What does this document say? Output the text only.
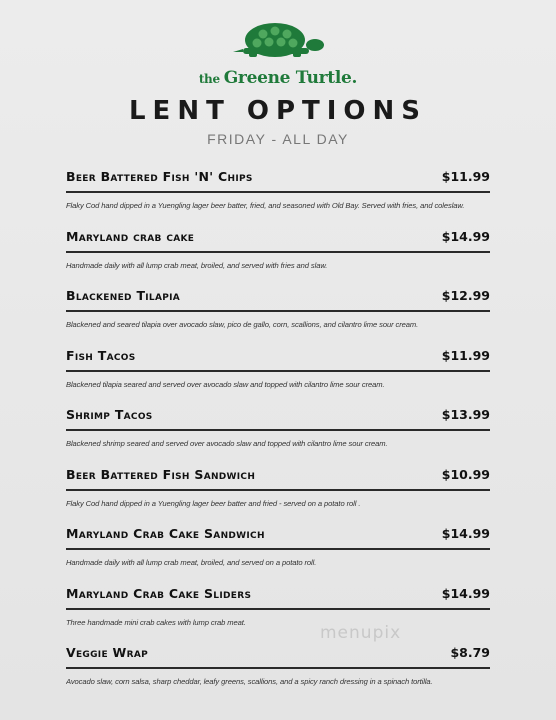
the Greene Turtle.
LENT OPTIONS
FRIDAY - ALL DAY
Beer Battered Fish 'N' Chips	$11.99
Flaky Cod hand dipped in a Yuengling lager beer batter, fried, and seasoned with Old Bay. Served with fries, and coleslaw.
Maryland crab cake	$14.99
Handmade daily with all lump crab meat, broiled, and served with fries and slaw.
Blackened Tilapia	$12.99
Blackened and seared tilapia over avocado slaw, pico de gallo, corn, scallions, and cilantro lime sour cream.
Fish Tacos	$11.99
Blackened tilapia seared and served over avocado slaw and topped with cilantro lime sour cream.
Shrimp Tacos	$13.99
Blackened shrimp seared and served over avocado slaw and topped with cilantro lime sour cream.
Beer Battered Fish Sandwich	$10.99
Flaky Cod hand dipped in a Yuengling lager beer batter and fried - served on a potato roll .
Maryland Crab Cake Sandwich	$14.99
Handmade daily with all lump crab meat, broiled, and served on a potato roll.
Maryland Crab Cake Sliders	$14.99
Three handmade mini crab cakes with lump crab meat.
Veggie Wrap	$8.79
Avocado slaw, corn salsa, sharp cheddar, leafy greens, scallions, and a spicy ranch dressing in a spinach tortilla.
menupix
